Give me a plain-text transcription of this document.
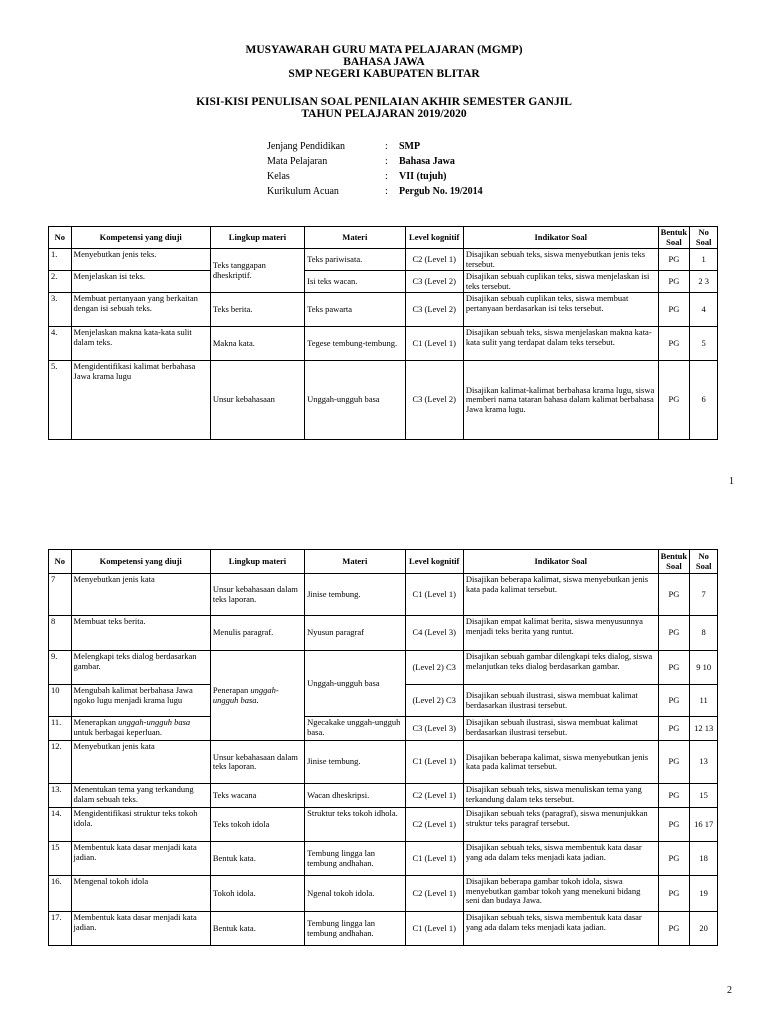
MUSYAWARAH GURU MATA PELAJARAN (MGMP)
BAHASA JAWA
SMP NEGERI KABUPATEN BLITAR
KISI-KISI PENULISAN SOAL PENILAIAN AKHIR SEMESTER GANJIL
TAHUN PELAJARAN 2019/2020
Jenjang Pendidikan	:	SMP
Mata Pelajaran	:	Bahasa Jawa
Kelas	:	VII (tujuh)
Kurikulum Acuan	:	Pergub No. 19/2014
No	Kompetensi yang diuji	Lingkup materi	Materi	Level kognitif	Indikator Soal	Bentuk Soal	No Soal
1.	Menyebutkan jenis teks.	Teks tanggapan dheskriptif.	Teks pariwisata.	C2 (Level 1)	Disajikan sebuah teks, siswa menyebutkan jenis teks tersebut.	PG	1
2.	Menjelaskan isi teks.		Isi teks wacan.	C3 (Level 2)	Disajikan sebuah cuplikan teks, siswa menjelaskan isi teks tersebut.	PG	2 3
3.	Membuat pertanyaan yang berkaitan dengan isi sebuah teks.	Teks berita.	Teks pawarta	C3 (Level 2)	Disajikan sebuah cuplikan teks, siswa membuat pertanyaan berdasarkan isi teks tersebut.	PG	4
4.	Menjelaskan makna kata-kata sulit dalam teks.	Makna kata.	Tegese tembung-tembung.	C1 (Level 1)	Disajikan sebuah teks, siswa menjelaskan makna kata-kata sulit yang terdapat dalam teks tersebut.	PG	5
5.	Mengidentifikasi kalimat berbahasa Jawa krama lugu	Unsur kebahasaan	Unggah-ungguh basa	C3 (Level 2)	Disajikan kalimat-kalimat berbahasa krama lugu, siswa memberi nama tataran bahasa dalam kalimat berbahasa Jawa krama lugu.	PG	6
1
No	Kompetensi yang diuji	Lingkup materi	Materi	Level kognitif	Indikator Soal	Bentuk Soal	No Soal
7	Menyebutkan jenis kata	Unsur kebahasaan dalam teks laporan.	Jinise tembung.	C1 (Level 1)	Disajikan beberapa kalimat, siswa menyebutkan jenis kata pada kalimat tersebut.	PG	7
8	Membuat teks berita.	Menulis paragraf.	Nyusun paragraf	C4 (Level 3)	Disajikan empat kalimat berita, siswa menyusunnya menjadi teks berita yang runtut.	PG	8
9.	Melengkapi teks dialog berdasarkan gambar.	Penerapan unggah-ungguh basa.	Unggah-ungguh basa	(Level 2) C3	Disajikan sebuah gambar dilengkapi teks dialog, siswa melanjutkan teks dialog berdasarkan gambar.	PG	9 10
10	Mengubah kalimat berbahasa Jawa ngoko lugu menjadi krama lugu			(Level 2) C3	Disajikan sebuah ilustrasi, siswa membuat kalimat berdasarkan ilustrasi tersebut.	PG	11
11.	Menerapkan unggah-ungguh basa untuk berbagai keperluan.		Ngecakake unggah-ungguh basa.	C3 (Level 3)	Disajikan sebuah ilustrasi, siswa membuat kalimat berdasarkan ilustrasi tersebut.	PG	12 13
12.	Menyebutkan jenis kata	Unsur kebahasaan dalam teks laporan.	Jinise tembung.	C1 (Level 1)	Disajikan beberapa kalimat, siswa menyebutkan jenis kata pada kalimat tersebut.	PG	13
13.	Menentukan tema yang terkandung dalam sebuah teks.	Teks wacana	Wacan dheskripsi.	C2 (Level 1)	Disajikan sebuah teks, siswa menuliskan tema yang terkandung dalam teks tersebut.	PG	15
14.	Mengidentifikasi struktur teks tokoh idola.	Teks tokoh idola	Struktur teks tokoh idhola.	C2 (Level 1)	Disajikan sebuah teks (paragraf), siswa menunjukkan struktur teks paragraf tersebut.	PG	16 17
15	Membentuk kata dasar menjadi kata jadian.	Bentuk kata.	Tembung lingga lan tembung andhahan.	C1 (Level 1)	Disajikan sebuah teks, siswa membentuk kata dasar yang ada dalam teks menjadi kata jadian.	PG	18
16.	Mengenal tokoh idola	Tokoh idola.	Ngenal tokoh idola.	C2 (Level 1)	Disajikan beberapa gambar tokoh idola, siswa menyebutkan gambar tokoh yang menekuni bidang seni dan budaya Jawa.	PG	19
17.	Membentuk kata dasar menjadi kata jadian.	Bentuk kata.	Tembung lingga lan tembung andhahan.	C1 (Level 1)	Disajikan sebuah teks, siswa membentuk kata dasar yang ada dalam teks menjadi kata jadian.	PG	20
2
